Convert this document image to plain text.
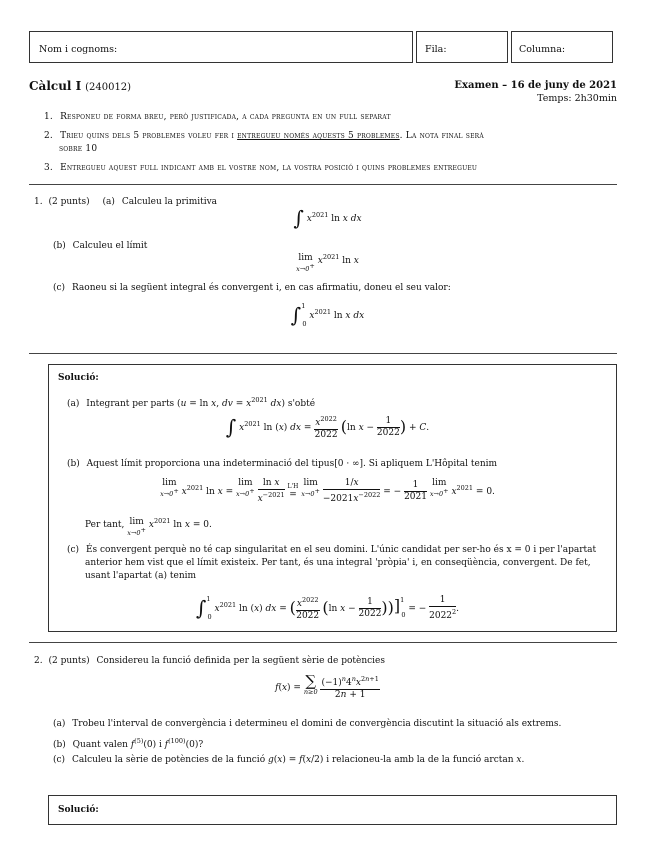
Nom i cognoms:	Fila:	Columna:
Càlcul I (240012)	Examen – 16 de juny de 2021
Temps: 2h30min
1. Responeu de forma breu, però justificada, a cada pregunta en un full separat
2. Trieu quins dels 5 problemes voleu fer i entregueu només aquests 5 problemes. La nota final serà
sobre 10
3. Entregueu aquest full indicant amb el vostre nom, la vostra posició i quins problemes entregueu
1. (2 punts) (a) Calculeu la primitiva
∫ $x^{2021}$ ln x dx
(b) Calculeu el límit
lim
x→0+ $x^{2021}$ ln x
(c) Raoneu si la següent integral és convergent i, en cas afirmatiu, doneu el seu valor:
∫$^1_0$ $x^{2021}$ ln x dx
Solució:
(a) Integrant per parts (u = ln x, dv = $x^{2021}$ dx) s'obté
∫ $x^{2021}$ ln (x) dx = $\frac{x^{2022}}{2022} (\ln$ $x - \frac{1}{2022}$ ) + C.
(b) Aquest límit proporciona una indeterminació del tipus[0 · ∞]. Si apliquem L'Hôpital tenim
lim
x→0+ $x^{2021}$ ln x = lim
x→0+
$\frac{\text{ln x}}{x^{-2021}}$
L'H
= lim
x→0+
$\frac{1/x}{-2021x^{-2022}}$ = − $\frac{1}{2021}$ lim
x→0+ $x^{2021} = 0$.
Per tant, lim
x→0+ $x^{2021}$ ln x = 0.
(c) És convergent perquè no té cap singularitat en el seu domini. L'únic candidat per ser-ho és x = 0 i per l'apartat
anterior hem vist que el límit existeix. Per tant, és una integral 'pròpia' i, en conseqüència, convergent. De fet,
usant l'apartat (a) tenim
∫$^1_0$ $x^{2021}$ ln (x) dx = ( $\frac{x^{2022}}{2022} (\ln$ $x - \frac{1}{2022} ))]^1_0$ = − $\frac{1}{2022^2}$ .
2. (2 punts) Considereu la funció definida per la següent sèrie de potències
f(x) = ∑
n≥0
$\frac{(-1)^n4^nx^{2n+1}}{2n + 1}$
(a) Trobeu l'interval de convergència i determineu el domini de convergència discutint la situació als extrems.
(b) Quant valen $f^{(5)}(0)$ i $f^{(100)}(0)$?
(c) Calculeu la sèrie de potències de la funció g(x) = f(x/2) i relacioneu-la amb la de la funció arctan x.
Solució:
